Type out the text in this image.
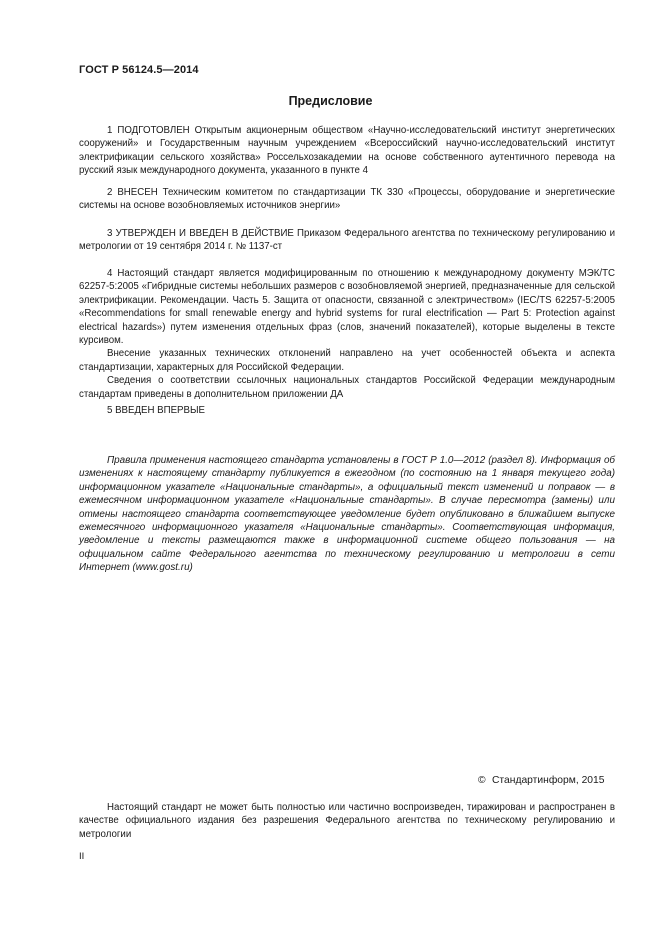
ГОСТ Р 56124.5—2014
Предисловие

1 ПОДГОТОВЛЕН Открытым акционерным обществом «Научно-исследовательский институт энергетических сооружений» и Государственным научным учреждением «Всероссийский научно-исследовательский институт электрификации сельского хозяйства» Россельхозакадемии на основе собственного аутентичного перевода на русский язык международного документа, указанного в пункте 4

2 ВНЕСЕН Техническим комитетом по стандартизации ТК 330 «Процессы, оборудование и энергетические системы на основе возобновляемых источников энергии»

3 УТВЕРЖДЕН И ВВЕДЕН В ДЕЙСТВИЕ Приказом Федерального агентства по техническому регулированию и метрологии от 19 сентября 2014 г. № 1137-ст

4 Настоящий стандарт является модифицированным по отношению к международному документу МЭК/ТС 62257-5:2005 «Гибридные системы небольших размеров с возобновляемой энергией, предназначенные для сельской электрификации. Рекомендации. Часть 5. Защита от опасности, связанной с электричеством» (IEC/TS 62257-5:2005 «Recommendations for small renewable energy and hybrid systems for rural electrification — Part 5: Protection against electrical hazards») путем изменения отдельных фраз (слов, значений показателей), которые выделены в тексте курсивом.

Внесение указанных технических отклонений направлено на учет особенностей объекта и аспекта стандартизации, характерных для Российской Федерации.

Сведения о соответствии ссылочных национальных стандартов Российской Федерации международным стандартам приведены в дополнительном приложении ДА

5 ВВЕДЕН ВПЕРВЫЕ

Правила применения настоящего стандарта установлены в ГОСТ Р 1.0—2012 (раздел 8). Информация об изменениях к настоящему стандарту публикуется в ежегодном (по состоянию на 1 января текущего года) информационном указателе «Национальные стандарты», а официальный текст изменений и поправок — в ежемесячном информационном указателе «Национальные стандарты». В случае пересмотра (замены) или отмены настоящего стандарта соответствующее уведомление будет опубликовано в ближайшем выпуске ежемесячного информационного указателя «Национальные стандарты». Соответствующая информация, уведомление и тексты размещаются также в информационной системе общего пользования — на официальном сайте Федерального агентства по техническому регулированию и метрологии в сети Интернет (www.gost.ru)

© Стандартинформ, 2015

Настоящий стандарт не может быть полностью или частично воспроизведен, тиражирован и распространен в качестве официального издания без разрешения Федерального агентства по техническому регулированию и метрологии

II
